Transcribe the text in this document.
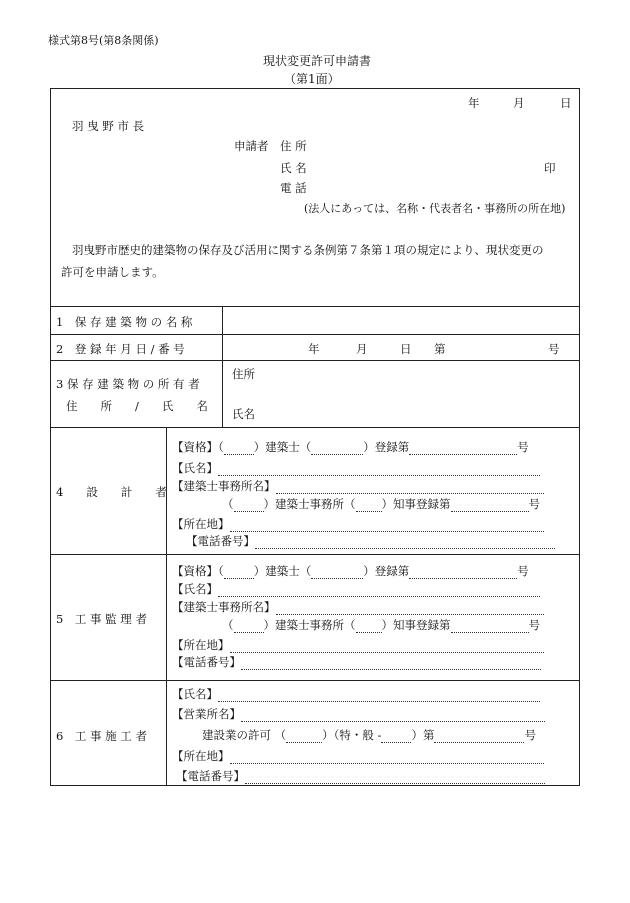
様式第8号(第8条関係)
現状変更許可申請書
（第1面）
年	月	日
羽 曳 野 市 長
申請者 住 所
氏 名	印
電 話
(法人にあっては、名称・代表者名・事務所の所在地)
羽曳野市歴史的建築物の保存及び活用に関する条例第７条第１項の規定により、現状変更の
許可を申請します。
1　保 存 建 築 物 の 名 称
2　登 録 年 月 日 / 番 号	年	月	日 第	号
3 保 存 建 築 物 の 所 有 者
住　　所　　/　　氏　　名
住所
氏名
4　　設　　計　　者
【資格】（	）建築士（	）登録第	号
【氏名】
【建築士事務所名】
（	）建築士事務所（ ）知事登録第	号
【所在地】
【電話番号】
5　工 事 監 理 者
【資格】（	）建築士（	）登録第	号
【氏名】
【建築士事務所名】
（	）建築士事務所（ ）知事登録第	号
【所在地】
【電話番号】
6　工 事 施 工 者
【氏名】
【営業所名】
建設業の許可 （	）（特・般 -	）第	号
【所在地】
【電話番号】
